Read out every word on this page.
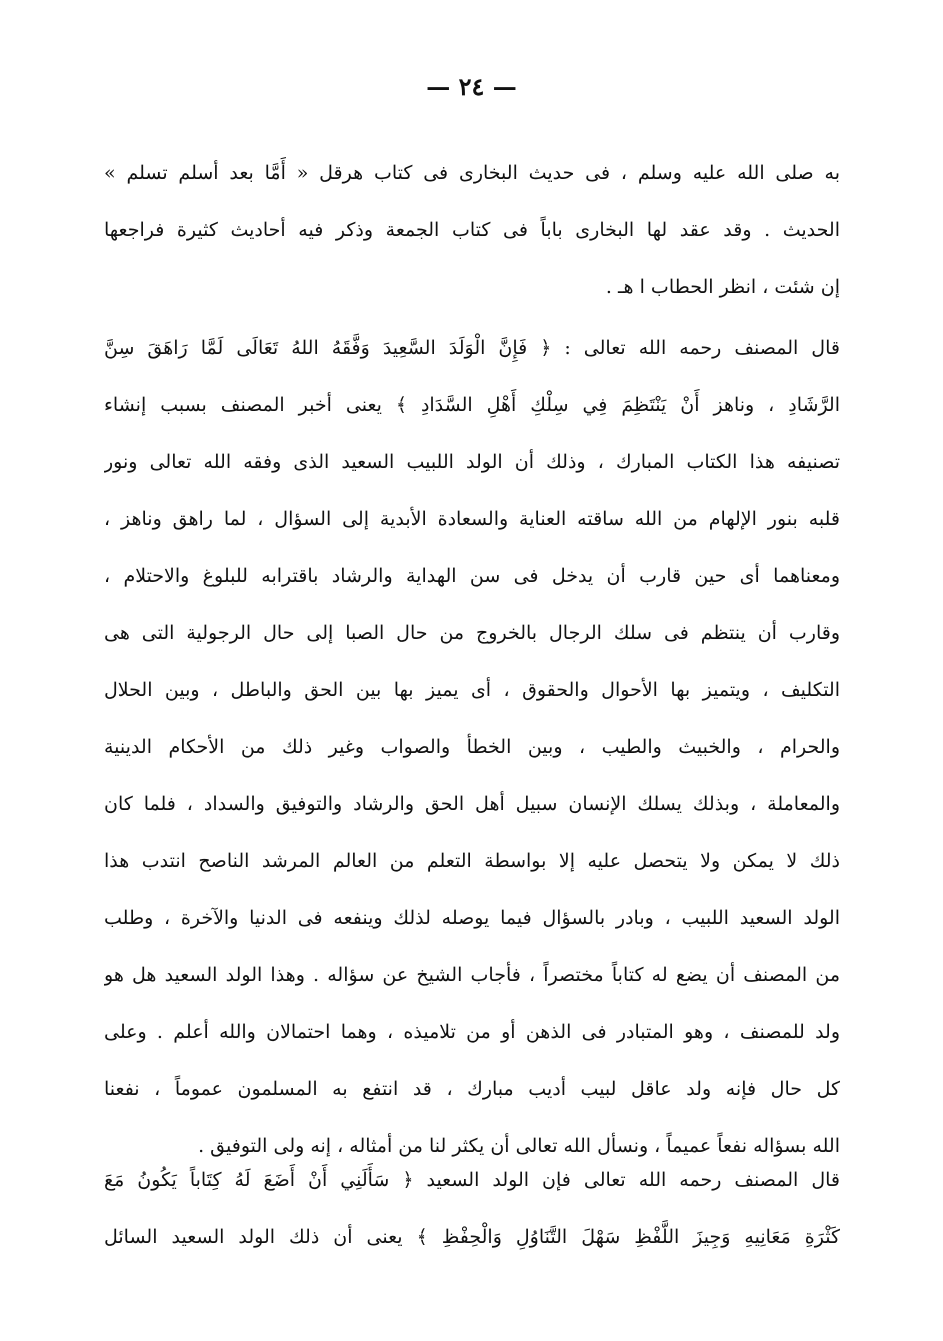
— ٢٤ —
به صلى الله عليه وسلم ، فى حديث البخارى فى كتاب هرقل « أَمَّا بعد أسلم تسلم »
الحديث . وقد عقد لها البخارى باباً فى كتاب الجمعة وذكر فيه أحاديث كثيرة فراجعها
إن شئت ، انظر الحطاب ا هـ .
قال المصنف رحمه الله تعالى : ﴿ فَإِنَّ الْوَلَدَ السَّعِيدَ وَفَّقَهُ اللهُ تَعَالَى لَمَّا رَاهَقَ سِنَّ
الرَّشَادِ ، وناهز أَنْ يَنْتَظِمَ فِي سِلْكِ أَهْلِ السَّدَادِ ﴾ يعنى أخبر المصنف بسبب إنشاء
تصنيفه هذا الكتاب المبارك ، وذلك أن الولد اللبيب السعيد الذى وفقه الله تعالى ونور
قلبه بنور الإلهام من الله ساقته العناية والسعادة الأبدية إلى السؤال ، لما راهق وناهز ،
ومعناهما أى حين قارب أن يدخل فى سن الهداية والرشاد باقترابه للبلوغ والاحتلام ،
وقارب أن ينتظم فى سلك الرجال بالخروج من حال الصبا إلى حال الرجولية التى هى
التكليف ، ويتميز بها الأحوال والحقوق ، أى يميز بها بين الحق والباطل ، وبين الحلال
والحرام ، والخبيث والطيب ، وبين الخطأ والصواب وغير ذلك من الأحكام الدينية
والمعاملة ، وبذلك يسلك الإنسان سبيل أهل الحق والرشاد والتوفيق والسداد ، فلما كان
ذلك لا يمكن ولا يتحصل عليه إلا بواسطة التعلم من العالم المرشد الناصح انتدب هذا
الولد السعيد اللبيب ، وبادر بالسؤال فيما يوصله لذلك وينفعه فى الدنيا والآخرة ، وطلب
من المصنف أن يضع له كتاباً مختصراً ، فأجاب الشيخ عن سؤاله . وهذا الولد السعيد هل هو
ولد للمصنف ، وهو المتبادر فى الذهن أو من تلاميذه ، وهما احتمالان والله أعلم . وعلى
كل حال فإنه ولد عاقل لبيب أديب مبارك ، قد انتفع به المسلمون عموماً ، نفعنا
الله بسؤاله نفعاً عميماً ، ونسأل الله تعالى أن يكثر لنا من أمثاله ، إنه ولى التوفيق .
قال المصنف رحمه الله تعالى فإن الولد السعيد ﴿ سَأَلَنِي أَنْ أَضَعَ لَهُ كِتَاباً يَكُونُ مَعَ
كَثْرَةِ مَعَانِيهِ وَجِيزَ اللَّفْظِ سَهْلَ التَّنَاوُلِ وَالْحِفْظِ ﴾ يعنى أن ذلك الولد السعيد السائل
